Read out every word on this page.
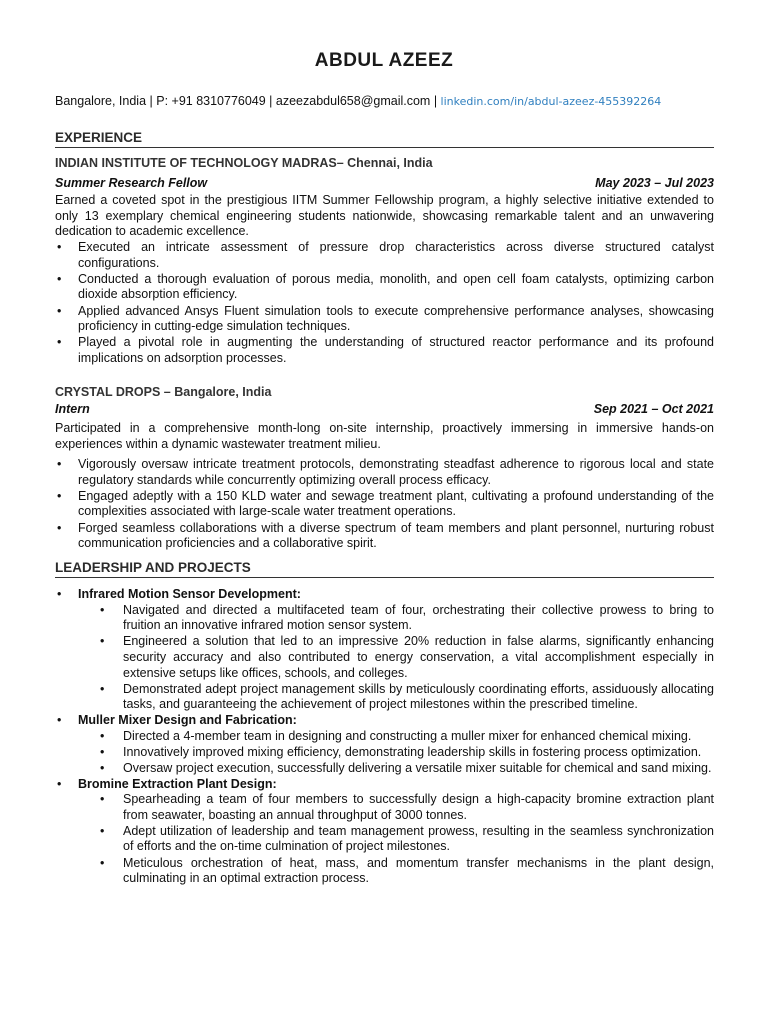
ABDUL AZEEZ
Bangalore, India | P: +91 8310776049 | azeezabdul658@gmail.com | linkedin.com/in/abdul-azeez-455392264
EXPERIENCE
INDIAN INSTITUTE OF TECHNOLOGY MADRAS– Chennai, India
Summer Research Fellow	May 2023 – Jul 2023
Earned a coveted spot in the prestigious IITM Summer Fellowship program, a highly selective initiative extended to only 13 exemplary chemical engineering students nationwide, showcasing remarkable talent and an unwavering dedication to academic excellence.
• Executed an intricate assessment of pressure drop characteristics across diverse structured catalyst configurations.
• Conducted a thorough evaluation of porous media, monolith, and open cell foam catalysts, optimizing carbon dioxide absorption efficiency.
• Applied advanced Ansys Fluent simulation tools to execute comprehensive performance analyses, showcasing proficiency in cutting-edge simulation techniques.
• Played a pivotal role in augmenting the understanding of structured reactor performance and its profound implications on adsorption processes.
CRYSTAL DROPS – Bangalore, India
Intern	Sep 2021 – Oct 2021
Participated in a comprehensive month-long on-site internship, proactively immersing in immersive hands-on experiences within a dynamic wastewater treatment milieu.
• Vigorously oversaw intricate treatment protocols, demonstrating steadfast adherence to rigorous local and state regulatory standards while concurrently optimizing overall process efficacy.
• Engaged adeptly with a 150 KLD water and sewage treatment plant, cultivating a profound understanding of the complexities associated with large-scale water treatment operations.
• Forged seamless collaborations with a diverse spectrum of team members and plant personnel, nurturing robust communication proficiencies and a collaborative spirit.
LEADERSHIP AND PROJECTS
• Infrared Motion Sensor Development:
• Navigated and directed a multifaceted team of four, orchestrating their collective prowess to bring to fruition an innovative infrared motion sensor system.
• Engineered a solution that led to an impressive 20% reduction in false alarms, significantly enhancing security accuracy and also contributed to energy conservation, a vital accomplishment especially in extensive setups like offices, schools, and colleges.
• Demonstrated adept project management skills by meticulously coordinating efforts, assiduously allocating tasks, and guaranteeing the achievement of project milestones within the prescribed timeline.
• Muller Mixer Design and Fabrication:
• Directed a 4-member team in designing and constructing a muller mixer for enhanced chemical mixing.
• Innovatively improved mixing efficiency, demonstrating leadership skills in fostering process optimization.
• Oversaw project execution, successfully delivering a versatile mixer suitable for chemical and sand mixing.
• Bromine Extraction Plant Design:
• Spearheading a team of four members to successfully design a high-capacity bromine extraction plant from seawater, boasting an annual throughput of 3000 tonnes.
• Adept utilization of leadership and team management prowess, resulting in the seamless synchronization of efforts and the on-time culmination of project milestones.
• Meticulous orchestration of heat, mass, and momentum transfer mechanisms in the plant design, culminating in an optimal extraction process.
